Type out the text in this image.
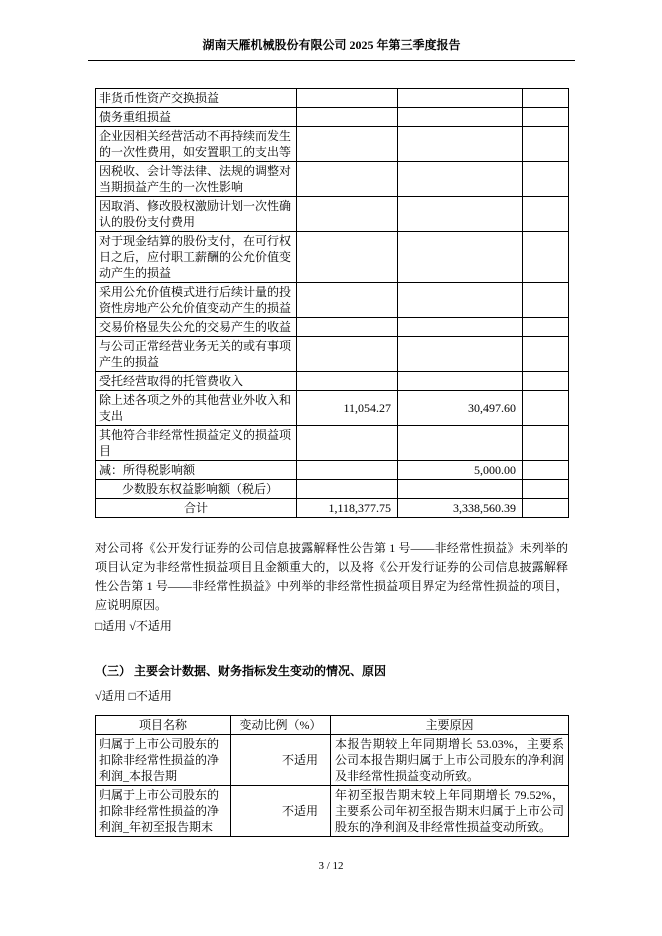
湖南天雁机械股份有限公司 2025 年第三季度报告
非货币性资产交换损益			
债务重组损益			
企业因相关经营活动不再持续而发生的一次性费用，如安置职工的支出等			
因税收、会计等法律、法规的调整对当期损益产生的一次性影响			
因取消、修改股权激励计划一次性确认的股份支付费用			
对于现金结算的股份支付，在可行权日之后，应付职工薪酬的公允价值变动产生的损益			
采用公允价值模式进行后续计量的投资性房地产公允价值变动产生的损益			
交易价格显失公允的交易产生的收益			
与公司正常经营业务无关的或有事项产生的损益			
受托经营取得的托管费收入			
除上述各项之外的其他营业外收入和支出	11,054.27	30,497.60	
其他符合非经常性损益定义的损益项目			
减：所得税影响额		5,000.00	
少数股东权益影响额（税后）			
合计	1,118,377.75	3,338,560.39	
对公司将《公开发行证券的公司信息披露解释性公告第 1 号——非经常性损益》未列举的项目认定为非经常性损益项目且金额重大的，以及将《公开发行证券的公司信息披露解释性公告第 1 号——非经常性损益》中列举的非经常性损益项目界定为经常性损益的项目，应说明原因。
□适用 √不适用
（三） 主要会计数据、财务指标发生变动的情况、原因
√适用 □不适用
项目名称	变动比例（%）	主要原因
归属于上市公司股东的扣除非经常性损益的净利润_本报告期	不适用	本报告期较上年同期增长 53.03%，主要系公司本报告期归属于上市公司股东的净利润及非经常性损益变动所致。
归属于上市公司股东的扣除非经常性损益的净利润_年初至报告期末	不适用	年初至报告期末较上年同期增长 79.52%，主要系公司年初至报告期末归属于上市公司股东的净利润及非经常性损益变动所致。
3 / 12
